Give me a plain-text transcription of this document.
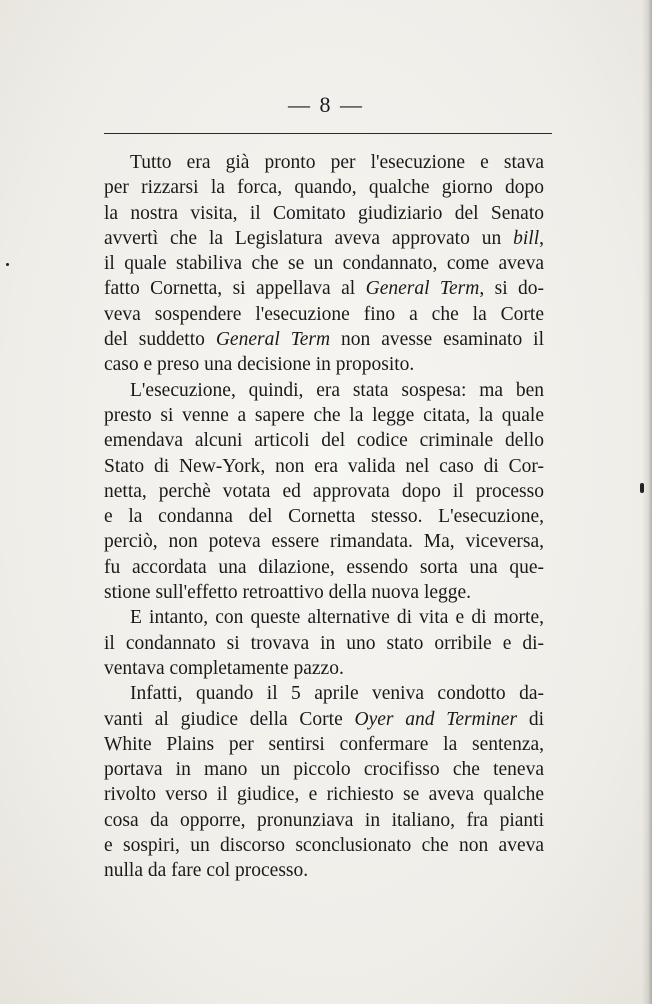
— 8 —
Tutto era già pronto per l'esecuzione e stava
per rizzarsi la forca, quando, qualche giorno dopo
la nostra visita, il Comitato giudiziario del Senato
avvertì che la Legislatura aveva approvato un bill,
il quale stabiliva che se un condannato, come aveva
fatto Cornetta, si appellava al General Term, si do-
veva sospendere l'esecuzione fino a che la Corte
del suddetto General Term non avesse esaminato il
caso e preso una decisione in proposito.
L'esecuzione, quindi, era stata sospesa: ma ben
presto si venne a sapere che la legge citata, la quale
emendava alcuni articoli del codice criminale dello
Stato di New-York, non era valida nel caso di Cor-
netta, perchè votata ed approvata dopo il processo
e la condanna del Cornetta stesso. L'esecuzione,
perciò, non poteva essere rimandata. Ma, viceversa,
fu accordata una dilazione, essendo sorta una que-
stione sull'effetto retroattivo della nuova legge.
E intanto, con queste alternative di vita e di morte,
il condannato si trovava in uno stato orribile e di-
ventava completamente pazzo.
Infatti, quando il 5 aprile veniva condotto da-
vanti al giudice della Corte Oyer and Terminer di
White Plains per sentirsi confermare la sentenza,
portava in mano un piccolo crocifisso che teneva
rivolto verso il giudice, e richiesto se aveva qualche
cosa da opporre, pronunziava in italiano, fra pianti
e sospiri, un discorso sconclusionato che non aveva
nulla da fare col processo.
